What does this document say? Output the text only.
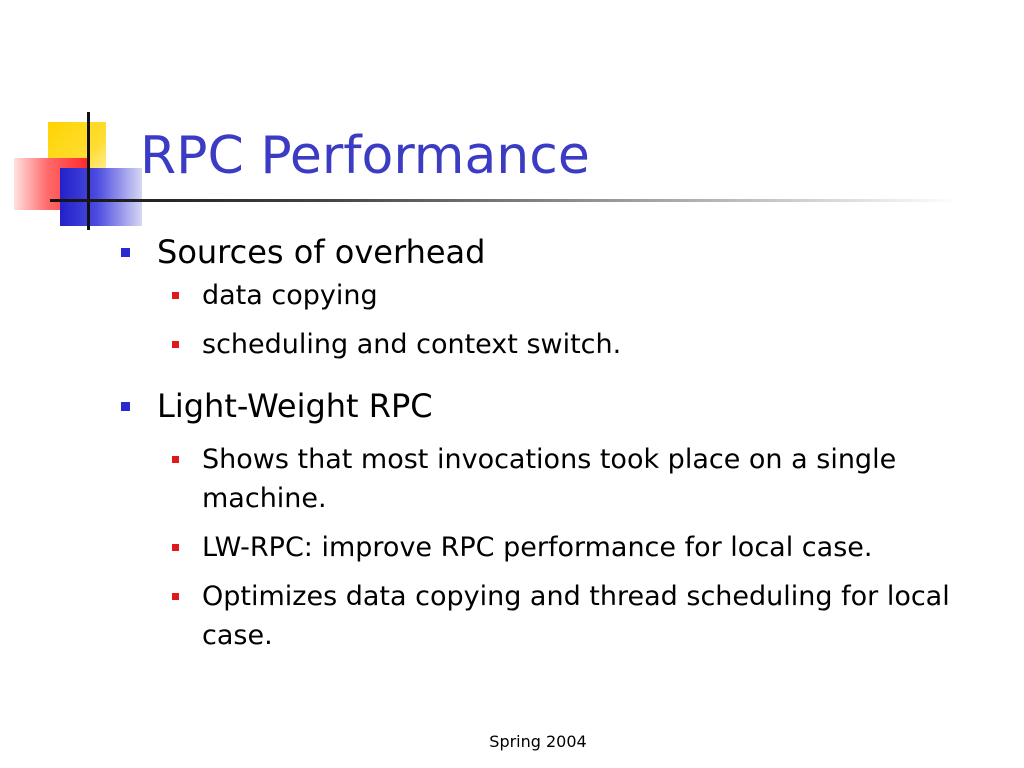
RPC Performance
Sources of overhead
data copying
scheduling and context switch.
Light-Weight RPC
Shows that most invocations took place on a single machine.
LW-RPC: improve RPC performance for local case.
Optimizes data copying and thread scheduling for local case.
Spring 2004
